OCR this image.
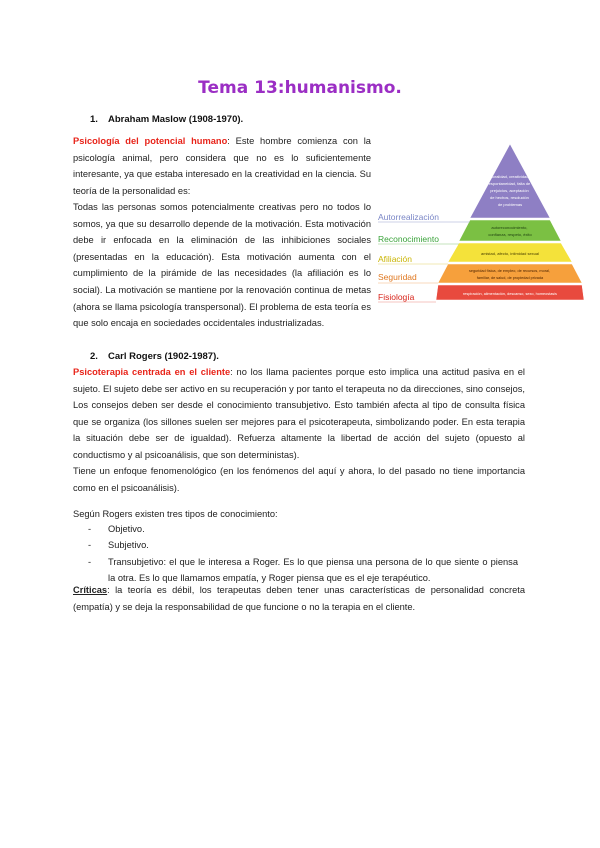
Tema 13:humanismo.
1. Abraham Maslow (1908-1970).
Psicología del potencial humano: Este hombre comienza con la psicología animal, pero considera que no es lo suficientemente interesante, ya que estaba interesado en la creatividad en la ciencia. Su teoría de la personalidad es:
Todas las personas somos potencialmente creativas pero no todos lo somos, ya que su desarrollo depende de la motivación. Esta motivación debe ir enfocada en la eliminación de las inhibiciones sociales (presentadas en la educación). Esta motivación aumenta con el cumplimiento de la pirámide de las necesidades (la afiliación es lo social). La motivación se mantiene por la renovación continua de metas (ahora se llama psicología transpersonal). El problema de esta teoría es que solo encaja en sociedades occidentales industrializadas.
Autorrealización
Reconocimiento
Afiliación
Seguridad
Fisiología
moralidad, creatividad, espontaneidad, falta de prejuicios, aceptación de hechos, resolución de problemas
autoreconocimiento, confianza, respeto, éxito
amistad, afecto, intimidad sexual
seguridad física, de empleo, de recursos, moral, familiar, de salud, de propiedad privada
respiración, alimentación, descanso, sexo, homeostasis
2. Carl Rogers (1902-1987).
Psicoterapia centrada en el cliente: no los llama pacientes porque esto implica una actitud pasiva en el sujeto. El sujeto debe ser activo en su recuperación y por tanto el terapeuta no da direcciones, sino consejos, Los consejos deben ser desde el conocimiento transubjetivo. Esto también afecta al tipo de consulta física que se organiza (los sillones suelen ser mejores para el psicoterapeuta, simbolizando poder. En esta terapia la situación debe ser de igualdad). Refuerza altamente la libertad de acción del sujeto (opuesto al conductismo y al psicoanálisis, que son deterministas).
Tiene un enfoque fenomenológico (en los fenómenos del aquí y ahora, lo del pasado no tiene importancia como en el psicoanálisis).
Según Rogers existen tres tipos de conocimiento:
- Objetivo.
- Subjetivo.
- Transubjetivo: el que le interesa a Roger. Es lo que piensa una persona de lo que siente o piensa la otra. Es lo que llamamos empatía, y Roger piensa que es el eje terapéutico.
Críticas: la teoría es débil, los terapeutas deben tener unas características de personalidad concreta (empatía) y se deja la responsabilidad de que funcione o no la terapia en el cliente.
